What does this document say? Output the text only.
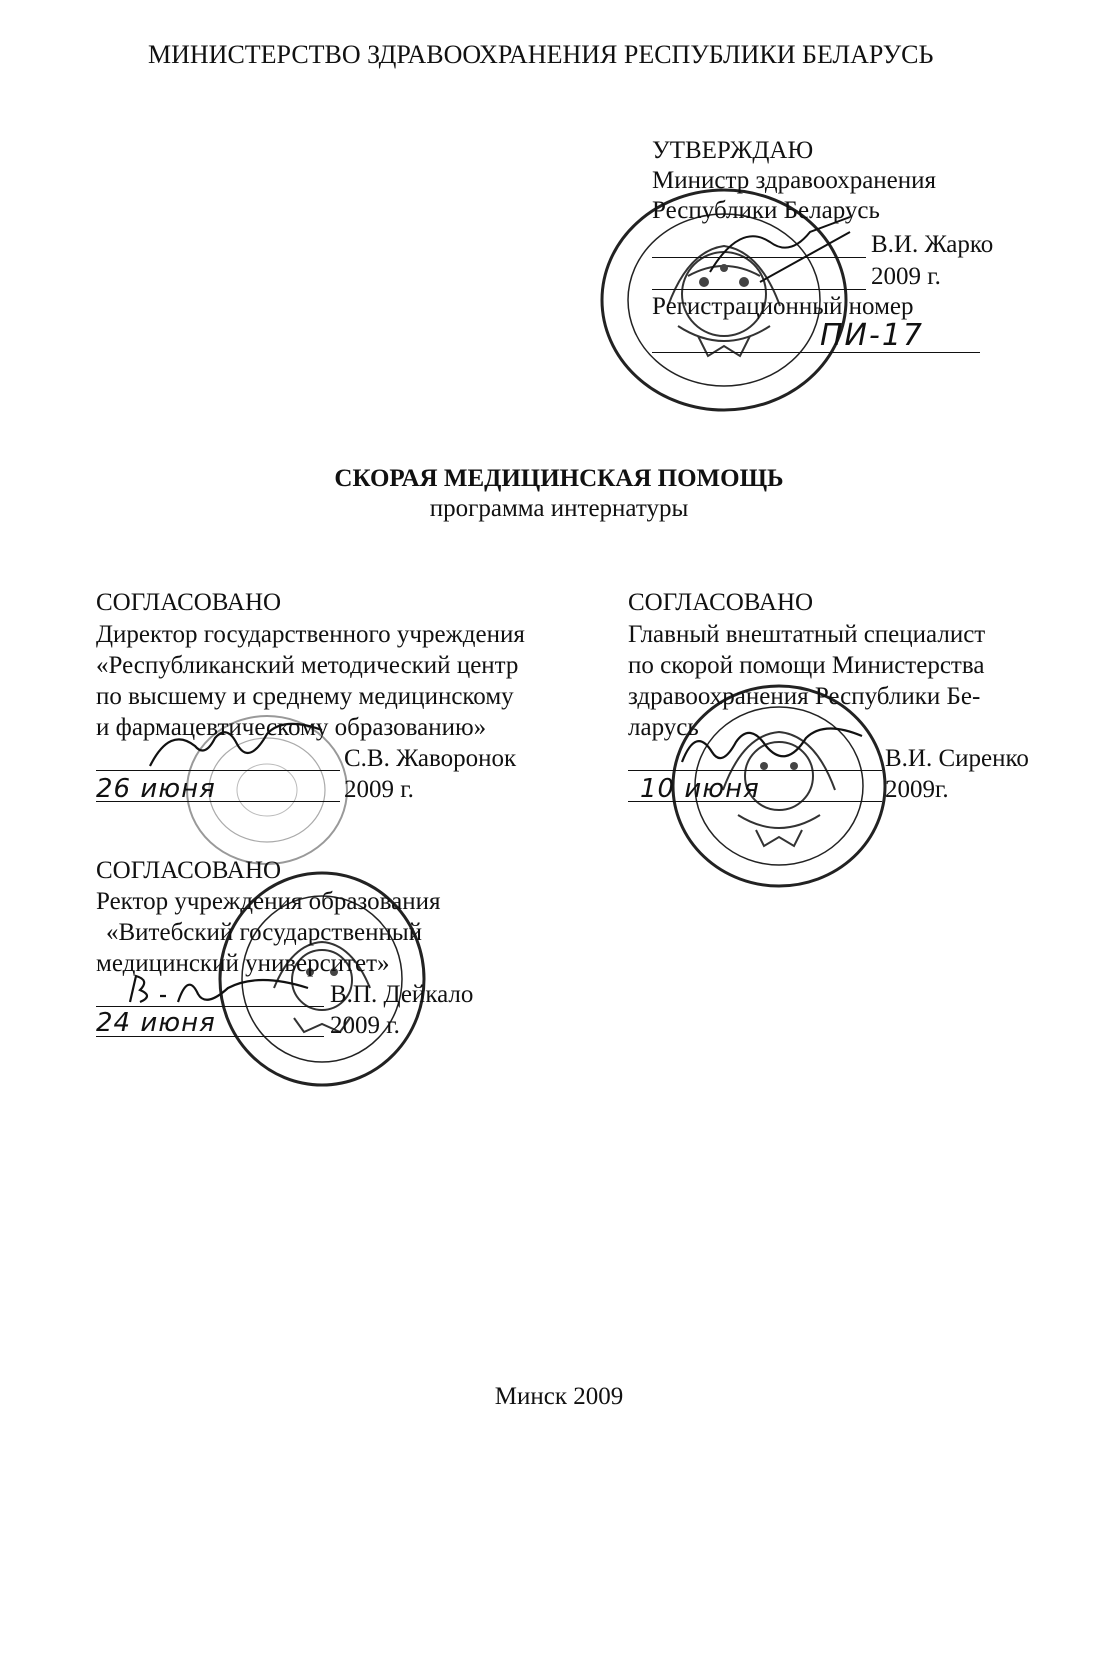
МИНИСТЕРСТВО ЗДРАВООХРАНЕНИЯ РЕСПУБЛИКИ БЕЛАРУСЬ
УТВЕРЖДАЮ
Министр здравоохранения
Республики Беларусь
В.И. Жарко
2009 г.
Регистрационный номер
ПИ-17
СКОРАЯ МЕДИЦИНСКАЯ ПОМОЩЬ
программа интернатуры
СОГЛАСОВАНО
Директор государственного учреждения
«Республиканский методический центр
по высшему и среднему медицинскому
и фармацевтическому образованию»
С.В. Жаворонок
26 июня	2009 г.
СОГЛАСОВАНО
Главный внештатный специалист
по скорой помощи Министерства
здравоохранения Республики Бе-
ларусь
В.И. Сиренко
10 июня	2009г.
СОГЛАСОВАНО
Ректор учреждения образования
«Витебский государственный
медицинский университет»
В.П. Дейкало
24 июня	2009 г.
Минск 2009
